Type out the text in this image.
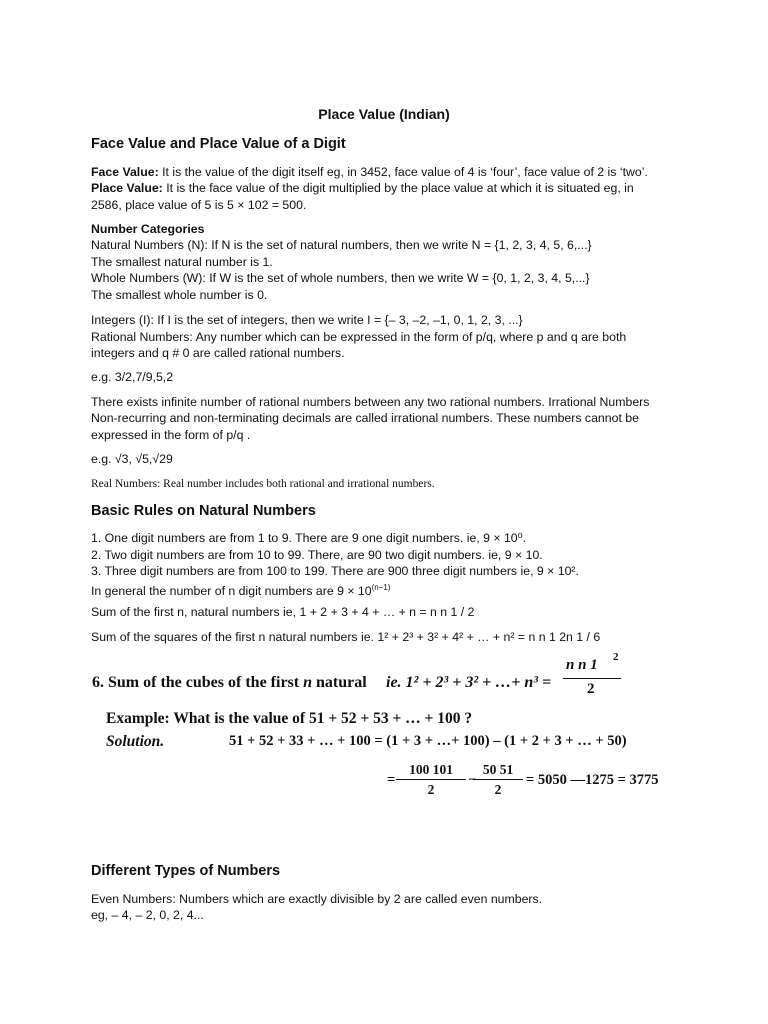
Place Value (Indian)
Face Value and Place Value of a Digit
Face Value: It is the value of the digit itself eg, in 3452, face value of 4 is ‘four’, face value of 2 is ‘two’.
Place Value: It is the face value of the digit multiplied by the place value at which it is situated eg, in
2586, place value of 5 is 5 × 102 = 500.
Number Categories
Natural Numbers (N): If N is the set of natural numbers, then we write N = {1, 2, 3, 4, 5, 6,...}
The smallest natural number is 1.
Whole Numbers (W): If W is the set of whole numbers, then we write W = {0, 1, 2, 3, 4, 5,...}
The smallest whole number is 0.
Integers (I): If I is the set of integers, then we write I = {– 3, –2, –1, 0, 1, 2, 3, ...}
Rational Numbers: Any number which can be expressed in the form of p/q, where p and q are both
integers and q # 0 are called rational numbers.
e.g. 3/2,7/9,5,2
There exists infinite number of rational numbers between any two rational numbers. Irrational Numbers
Non-recurring and non-terminating decimals are called irrational numbers. These numbers cannot be
expressed in the form of p/q .
e.g. √3, √5,√29
Real Numbers: Real number includes both rational and irrational numbers.
Basic Rules on Natural Numbers
1. One digit numbers are from 1 to 9. There are 9 one digit numbers. ie, 9 × 10⁰.
2. Two digit numbers are from 10 to 99. There, are 90 two digit numbers. ie, 9 × 10.
3. Three digit numbers are from 100 to 199. There are 900 three digit numbers ie, 9 × 10².
In general the number of n digit numbers are $9 \times 10^{(n-1)}$
Sum of the first n, natural numbers ie, 1 + 2 + 3 + 4 + … + n = n n 1 / 2
Sum of the squares of the first n natural numbers ie. 1² + 2³ + 3² + 4² + … + n² = n n 1 2n 1 / 6
6. Sum of the cubes of the first n natural ie. 1² + 2³ + 3² + …+ n³ =
n n 1 2
2
Example: What is the value of 51 + 52 + 53 + … + 100 ?
Solution.	51 + 52 + 33 + … + 100 = (1 + 3 + …+ 100) – (1 + 2 + 3 + … + 50)
= $\frac{100 101}{2}$ −
$\frac{50 51}{2} = 5050$ —1275 = 3775
Different Types of Numbers
Even Numbers: Numbers which are exactly divisible by 2 are called even numbers.
eg, – 4, – 2, 0, 2, 4...
